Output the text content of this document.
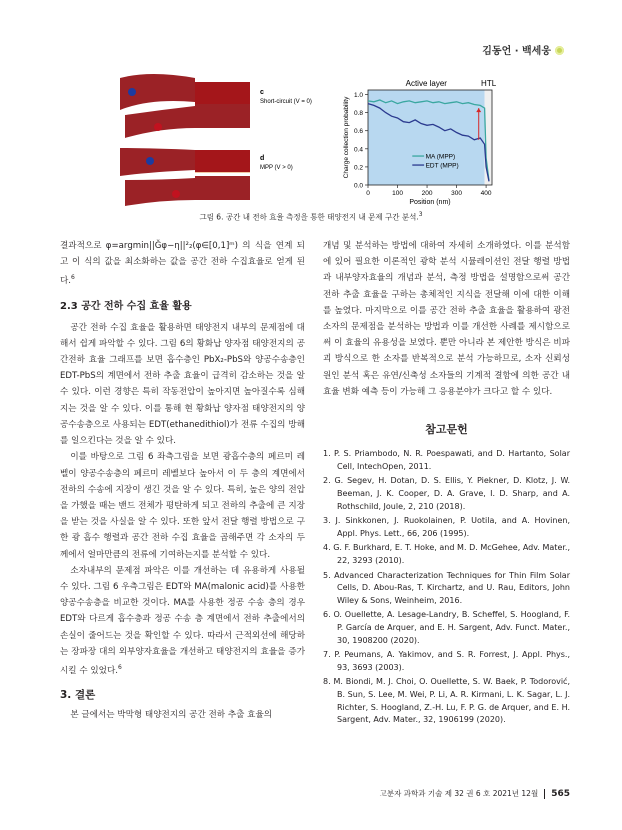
김동언 · 백세웅
c
Short-circuit (V = 0)
d
MPP (V > 0)
Active layer	HTL
0.0
0.2
0.4
0.6
0.8
1.0
0	100	200	300	400
Position (nm)
Charge collection probability	MA (MPP)
EDT (MPP)
그림 6. 공간 내 전하 효율 측정을 통한 태양전지 내 문제 구간 분석.$^3$

결과적으로 φ=argmin||Ğφ−η||²₂(φ∈[0,1]ᵐ) 의 식을 연계 되고 이 식의 값을 최소화하는 값을 공간 전하 수집효율로 얻게 된다.$^6$

2.3 공간 전하 수집 효율 활용

공간 전하 수집 효율을 활용하면 태양전지 내부의 문제점에 대해서 쉽게 파악할 수 있다. 그림 6의 황화납 양자점 태양전지의 공간전하 효율 그래프를 보면 흡수층인 PbX₂-PbS와 양공수송층인 EDT-PbS의 계면에서 전하 추출 효율이 급격히 감소하는 것을 알 수 있다. 이런 경향은 특히 작동전압이 높아지면 높아질수록 심해지는 것을 알 수 있다. 이를 통해 현 황화납 양자점 태양전지의 양공수송층으로 사용되는 EDT(ethanedithiol)가 전류 수집의 방해를 일으킨다는 것을 알 수 있다.

이를 바탕으로 그림 6 좌측그림을 보면 광흡수층의 페르미 레벨이 양공수송층의 페르미 레벨보다 높아서 이 두 층의 계면에서 전하의 수송에 지장이 생긴 것을 알 수 있다. 특히, 높은 양의 전압을 가했을 때는 밴드 전체가 평탄하게 되고 전하의 추출에 큰 지장을 받는 것을 사실을 알 수 있다. 또한 앞서 전달 행렬 방법으로 구한 광 흡수 행렬과 공간 전하 수집 효율을 곱해주면 각 소자의 두께에서 얼마만큼의 전류에 기여하는지를 분석할 수 있다.

소자내부의 문제점 파악은 이를 개선하는 데 유용하게 사용될 수 있다. 그림 6 우측그림은 EDT와 MA(malonic acid)를 사용한 양공수송층을 비교한 것이다. MA를 사용한 정공 수송 층의 경우 EDT와 다르게 흡수층과 정공 수송 층 계면에서 전하 추출에서의 손실이 줄어드는 것을 확인할 수 있다. 따라서 근적외선에 해당하는 장파장 대의 외부양자효율을 개선하고 태양전지의 효율을 증가시킬 수 있었다.$^6$

3. 결론

본 글에서는 박막형 태양전지의 공간 전하 추출 효율의

개념 및 분석하는 방법에 대하여 자세히 소개하였다. 이를 분석함에 있어 필요한 이론적인 광학 분석 시뮬레이션인 전달 행렬 방법과 내부양자효율의 개념과 분석, 측정 방법을 설명함으로써 공간 전하 추출 효율을 구하는 총체적인 지식을 전달해 이에 대한 이해를 높였다. 마지막으로 이를 공간 전하 추출 효율을 활용하여 광전 소자의 문제점을 분석하는 방법과 이를 개선한 사례를 제시함으로써 이 효율의 유용성을 보였다. 뿐만 아니라 본 제안한 방식은 비파괴 방식으로 한 소자를 반복적으로 분석 가능하므로, 소자 신뢰성 원인 분석 혹은 유연/신축성 소자들의 기계적 결함에 의한 공간 내 효율 변화 예측 등이 가능해 그 응용분야가 크다고 할 수 있다.

참고문헌
1. P. S. Priambodo, N. R. Poespawati, and D. Hartanto, Solar Cell, IntechOpen, 2011.
2. G. Segev, H. Dotan, D. S. Ellis, Y. Piekner, D. Klotz, J. W. Beeman, J. K. Cooper, D. A. Grave, I. D. Sharp, and A. Rothschild, Joule, 2, 210 (2018).
3. J. Sinkkonen, J. Ruokolainen, P. Uotila, and A. Hovinen, Appl. Phys. Lett., 66, 206 (1995).
4. G. F. Burkhard, E. T. Hoke, and M. D. McGehee, Adv. Mater., 22, 3293 (2010).
5. Advanced Characterization Techniques for Thin Film Solar Cells, D. Abou-Ras, T. Kirchartz, and U. Rau, Editors, John Wiley & Sons, Weinheim, 2016.
6. O. Ouellette, A. Lesage-Landry, B. Scheffel, S. Hoogland, F. P. García de Arquer, and E. H. Sargent, Adv. Funct. Mater., 30, 1908200 (2020).
7. P. Peumans, A. Yakimov, and S. R. Forrest, J. Appl. Phys., 93, 3693 (2003).
8. M. Biondi, M. J. Choi, O. Ouellette, S. W. Baek, P. Todorović, B. Sun, S. Lee, M. Wei, P. Li, A. R. Kirmani, L. K. Sagar, L. J. Richter, S. Hoogland, Z.-H. Lu, F. P. G. de Arquer, and E. H. Sargent, Adv. Mater., 32, 1906199 (2020).
고분자 과학과 기술 제 32 권 6 호 2021년 12월 565
